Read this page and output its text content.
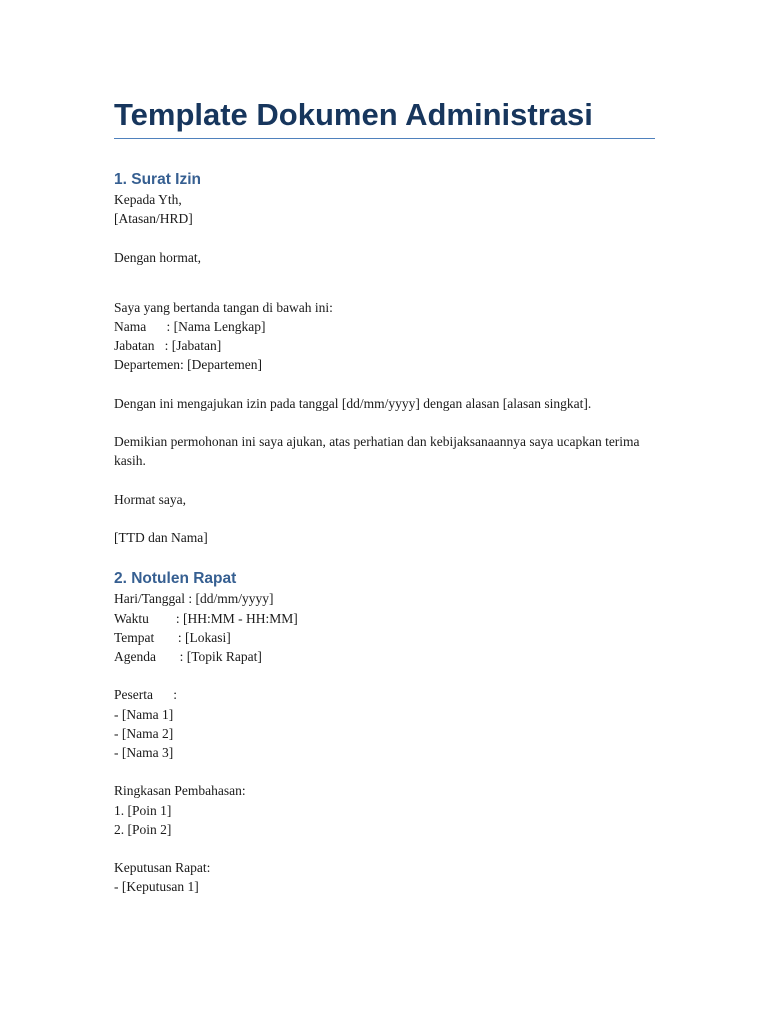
Template Dokumen Administrasi
1. Surat Izin

Kepada Yth,

[Atasan/HRD]

Dengan hormat,

Saya yang bertanda tangan di bawah ini:

Nama      : [Nama Lengkap]

Jabatan   : [Jabatan]

Departemen: [Departemen]

Dengan ini mengajukan izin pada tanggal [dd/mm/yyyy] dengan alasan [alasan singkat].

Demikian permohonan ini saya ajukan, atas perhatian dan kebijaksanaannya saya ucapkan terima kasih.

Hormat saya,

[TTD dan Nama]

2. Notulen Rapat

Hari/Tanggal : [dd/mm/yyyy]

Waktu        : [HH:MM - HH:MM]

Tempat       : [Lokasi]

Agenda       : [Topik Rapat]

Peserta      :

- [Nama 1]

- [Nama 2]

- [Nama 3]

Ringkasan Pembahasan:

1. [Poin 1]

2. [Poin 2]

Keputusan Rapat:

- [Keputusan 1]
